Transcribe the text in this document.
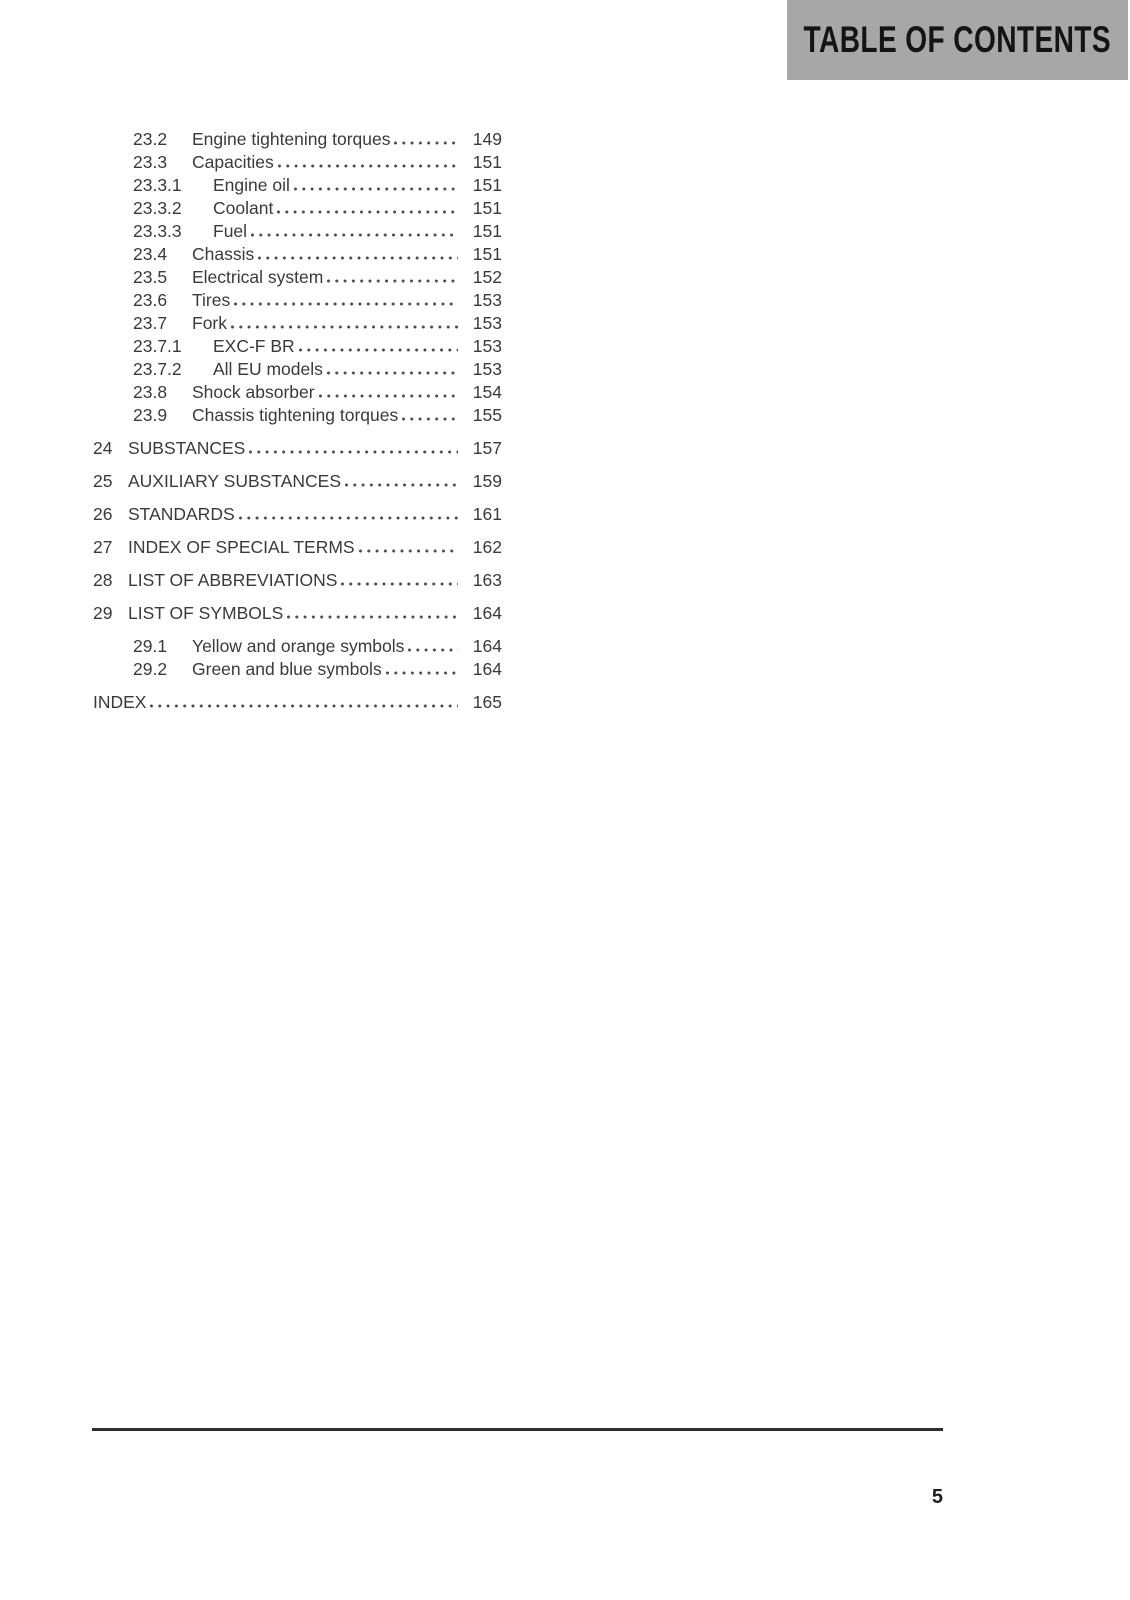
TABLE OF CONTENTS
23.2	Engine tightening torques	149
23.3	Capacities	151
23.3.1	Engine oil	151
23.3.2	Coolant	151
23.3.3	Fuel	151
23.4	Chassis	151
23.5	Electrical system	152
23.6	Tires	153
23.7	Fork	153
23.7.1	EXC-F BR	153
23.7.2	All EU models	153
23.8	Shock absorber	154
23.9	Chassis tightening torques	155
24 SUBSTANCES	157
25 AUXILIARY SUBSTANCES	159
26 STANDARDS	161
27 INDEX OF SPECIAL TERMS	162
28 LIST OF ABBREVIATIONS	163
29 LIST OF SYMBOLS	164
29.1	Yellow and orange symbols	164
29.2	Green and blue symbols	164
INDEX	165
5
